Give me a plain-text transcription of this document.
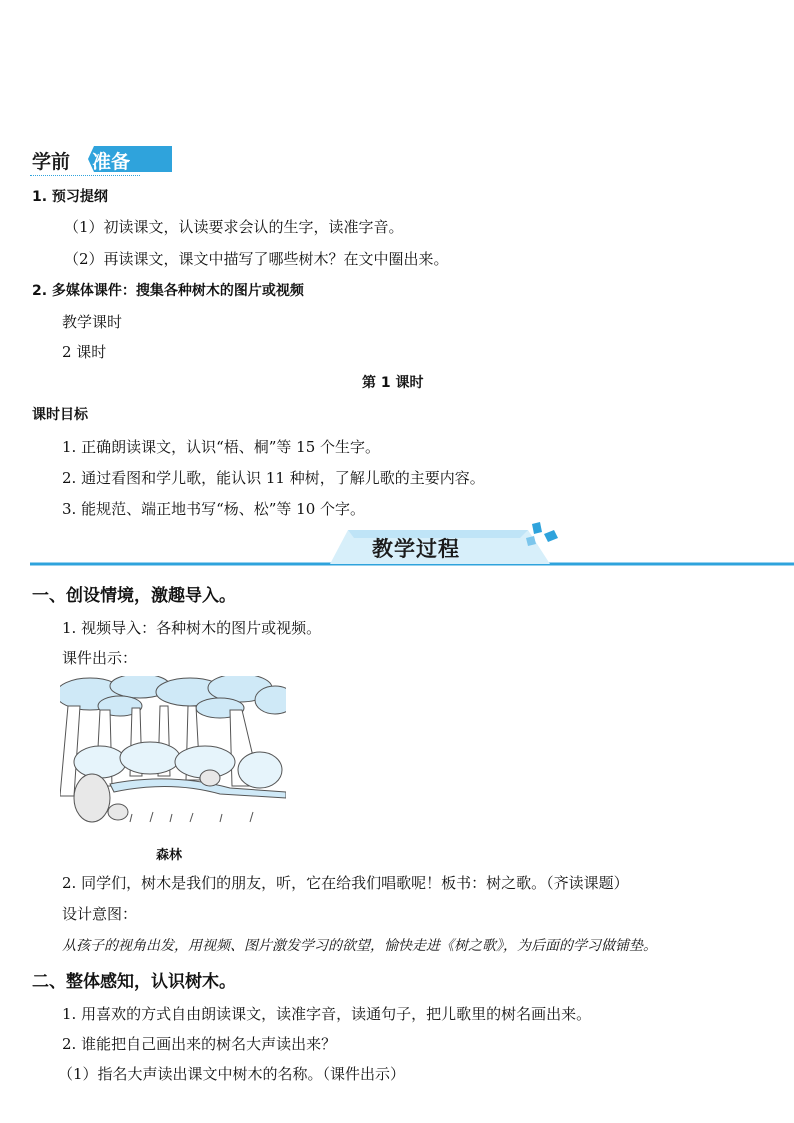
学前 准备
1. 预习提纲
（1）初读课文，认读要求会认的生字，读准字音。
（2）再读课文，课文中描写了哪些树木？在文中圈出来。
2. 多媒体课件：搜集各种树木的图片或视频
教学课时
2 课时
第 1 课时
课时目标
1. 正确朗读课文，认识“梧、桐”等 15 个生字。
2. 通过看图和学儿歌，能认识 11 种树，了解儿歌的主要内容。
3. 能规范、端正地书写“杨、松”等 10 个字。
教学过程
一、创设情境，激趣导入。
1. 视频导入：各种树木的图片或视频。
课件出示：
森林
2. 同学们，树木是我们的朋友，听，它在给我们唱歌呢！板书：树之歌。（齐读课题）
设计意图：
从孩子的视角出发，用视频、图片激发学习的欲望，愉快走进《树之歌》，为后面的学习做铺垫。
二、整体感知，认识树木。
1. 用喜欢的方式自由朗读课文，读准字音，读通句子，把儿歌里的树名画出来。
2. 谁能把自己画出来的树名大声读出来？
（1）指名大声读出课文中树木的名称。（课件出示）
